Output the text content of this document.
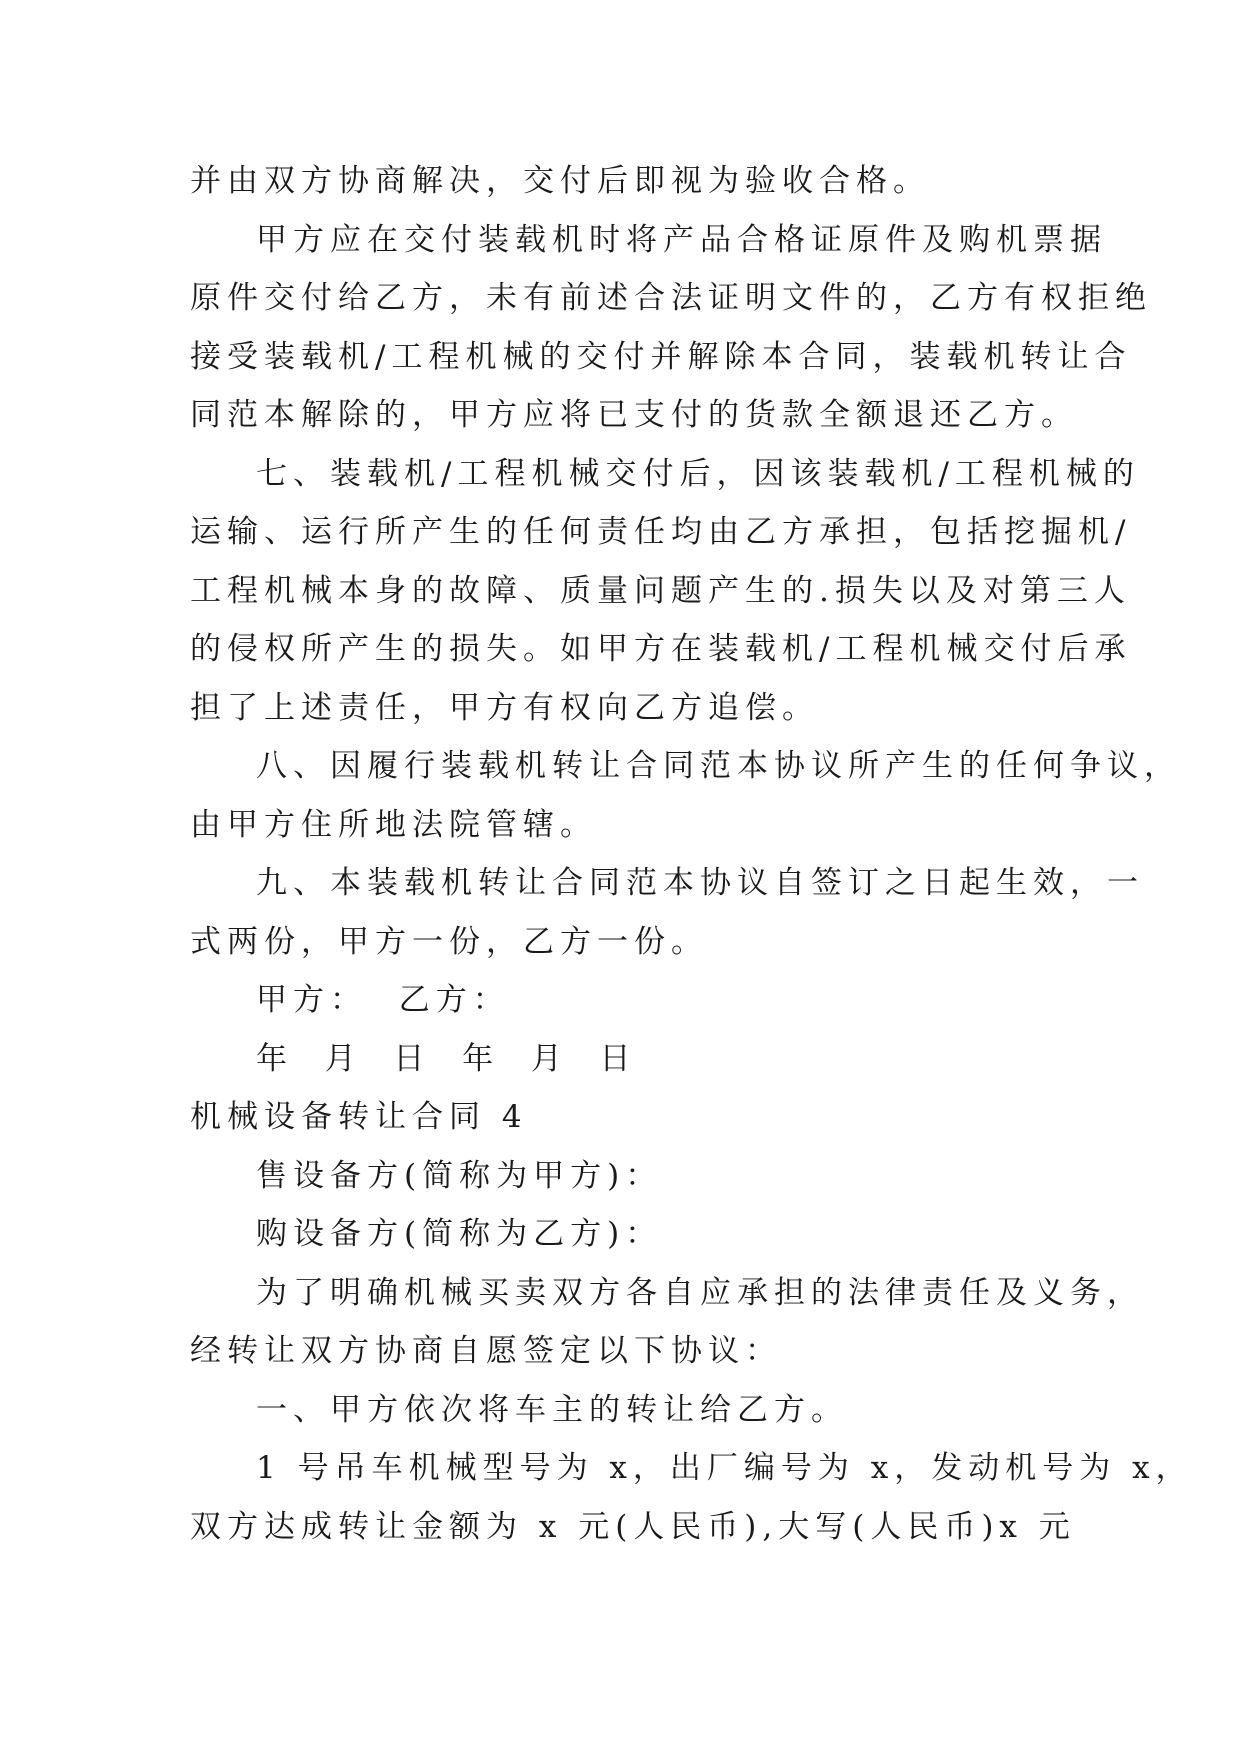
并由双方协商解决，交付后即视为验收合格。
甲方应在交付装载机时将产品合格证原件及购机票据
原件交付给乙方，未有前述合法证明文件的，乙方有权拒绝
接受装载机/工程机械的交付并解除本合同，装载机转让合
同范本解除的，甲方应将已支付的货款全额退还乙方。
七、装载机/工程机械交付后，因该装载机/工程机械的
运输、运行所产生的任何责任均由乙方承担，包括挖掘机/
工程机械本身的故障、质量问题产生的.损失以及对第三人
的侵权所产生的损失。如甲方在装载机/工程机械交付后承
担了上述责任，甲方有权向乙方追偿。
八、因履行装载机转让合同范本协议所产生的任何争议，
由甲方住所地法院管辖。
九、本装载机转让合同范本协议自签订之日起生效，一
式两份，甲方一份，乙方一份。
甲方：  乙方：
年  月  日  年  月  日
机械设备转让合同 4
售设备方(简称为甲方)：
购设备方(简称为乙方)：
为了明确机械买卖双方各自应承担的法律责任及义务，
经转让双方协商自愿签定以下协议：
一、甲方依次将车主的转让给乙方。
1 号吊车机械型号为 x，出厂编号为 x，发动机号为 x，
双方达成转让金额为 x 元(人民币),大写(人民币)x 元
